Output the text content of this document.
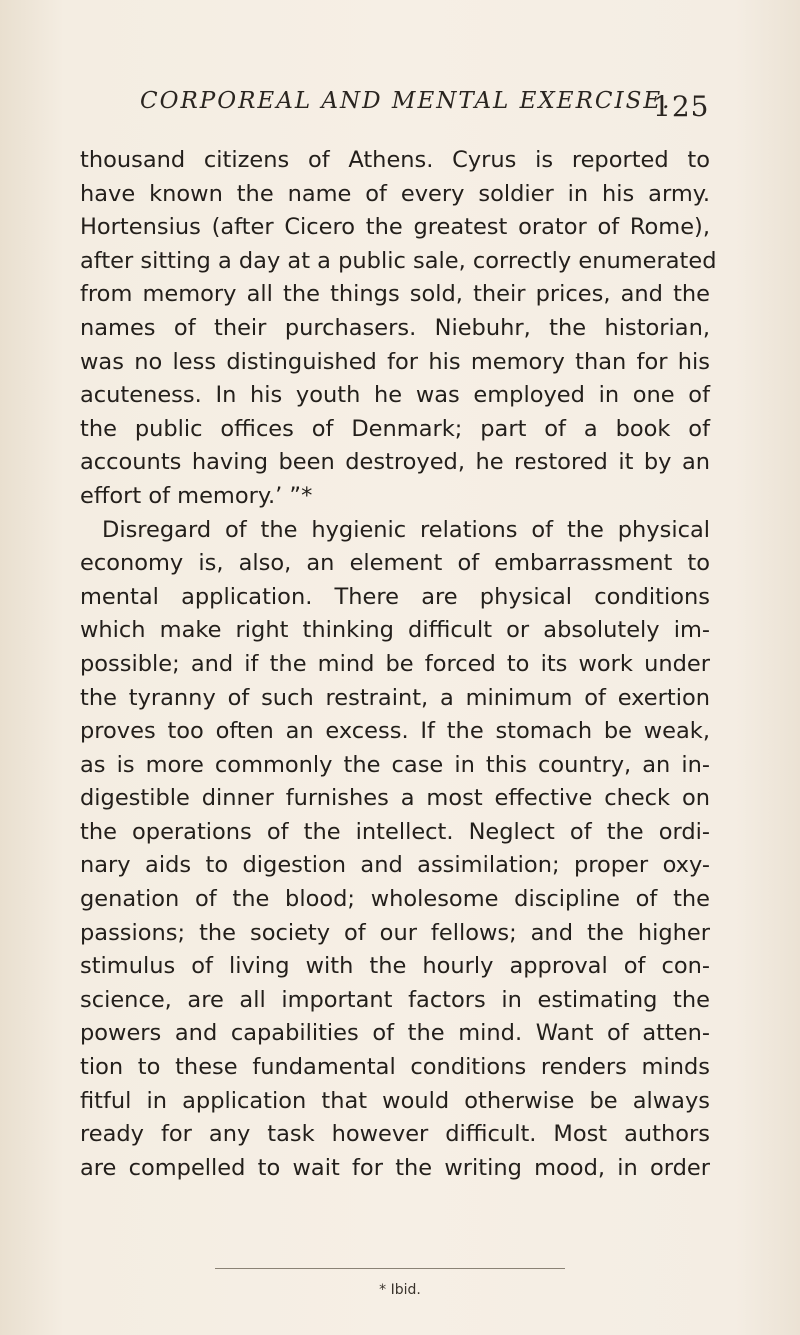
CORPOREAL AND MENTAL EXERCISE.
125
thousand citizens of Athens. Cyrus is reported to
have known the name of every soldier in his army.
Hortensius (after Cicero the greatest orator of Rome),
after sitting a day at a public sale, correctly enumerated
from memory all the things sold, their prices, and the
names of their purchasers. Niebuhr, the historian,
was no less distinguished for his memory than for his
acuteness. In his youth he was employed in one of
the public offices of Denmark; part of a book of
accounts having been destroyed, he restored it by an
effort of memory.’ ”*
Disregard of the hygienic relations of the physical
economy is, also, an element of embarrassment to
mental application. There are physical conditions
which make right thinking difficult or absolutely im-
possible; and if the mind be forced to its work under
the tyranny of such restraint, a minimum of exertion
proves too often an excess. If the stomach be weak,
as is more commonly the case in this country, an in-
digestible dinner furnishes a most effective check on
the operations of the intellect. Neglect of the ordi-
nary aids to digestion and assimilation; proper oxy-
genation of the blood; wholesome discipline of the
passions; the society of our fellows; and the higher
stimulus of living with the hourly approval of con-
science, are all important factors in estimating the
powers and capabilities of the mind. Want of atten-
tion to these fundamental conditions renders minds
fitful in application that would otherwise be always
ready for any task however difficult. Most authors
are compelled to wait for the writing mood, in order
* Ibid.
